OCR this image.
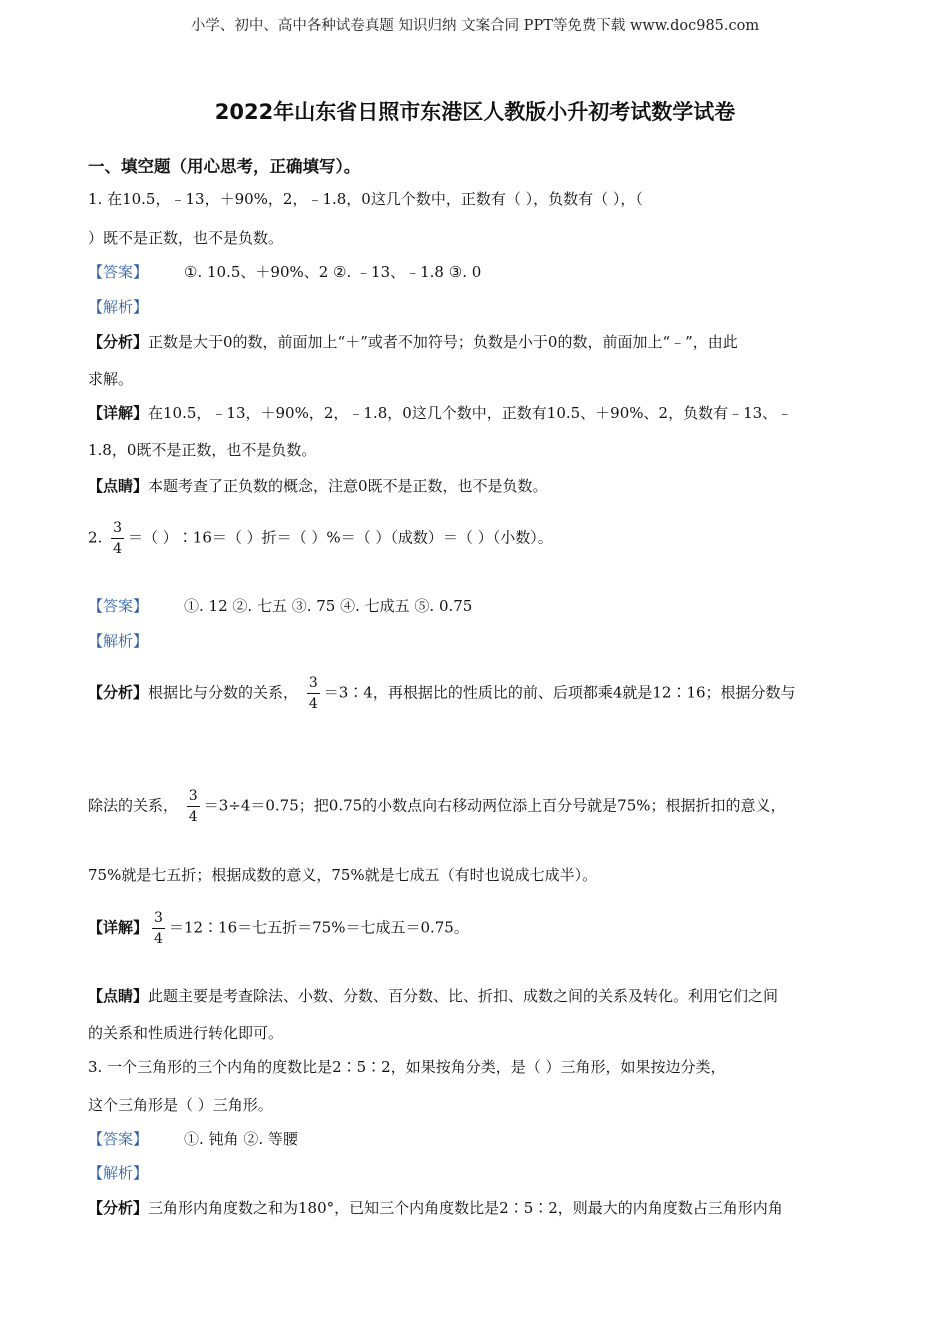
小学、初中、高中各种试卷真题 知识归纳 文案合同 PPT等免费下载 www.doc985.com
2022年山东省日照市东港区人教版小升初考试数学试卷
一、填空题（用心思考，正确填写）。
1. 在10.5，﹣13，＋90%，2，﹣1.8，0这几个数中，正数有（ ），负数有（ ），（
）既不是正数，也不是负数。
【答案】 ①. 10.5、＋90%、2 ②. ﹣13、﹣1.8 ③. 0
【解析】
【分析】正数是大于0的数，前面加上“＋”或者不加符号；负数是小于0的数，前面加上“﹣”，由此
求解。
【详解】在10.5，﹣13，＋90%，2，﹣1.8，0这几个数中，正数有10.5、＋90%、2，负数有﹣13、﹣
1.8，0既不是正数，也不是负数。
【点睛】本题考查了正负数的概念，注意0既不是正数，也不是负数。
2. $\frac{3}{4}$ ＝（ ）∶16＝（ ）折＝（ ）%＝（ ）（成数）＝（ ）（小数）。
【答案】 ①. 12 ②. 七五 ③. 75 ④. 七成五 ⑤. 0.75
【解析】
【分析】根据比与分数的关系， $\frac{3}{4}$ ＝3∶4，再根据比的性质比的前、后项都乘4就是12∶16；根据分数与
除法的关系， $\frac{3}{4} =3\div 4=0.75$；把0.75的小数点向右移动两位添上百分号就是75%；根据折扣的意义，
75%就是七五折；根据成数的意义，75%就是七成五（有时也说成七成半）。
【详解】 $\frac{3}{4}$ ＝12∶16＝七五折＝75%＝七成五＝0.75。
【点睛】此题主要是考查除法、小数、分数、百分数、比、折扣、成数之间的关系及转化。利用它们之间
的关系和性质进行转化即可。
3. 一个三角形的三个内角的度数比是2∶5∶2，如果按角分类，是（ ）三角形，如果按边分类，
这个三角形是（ ）三角形。
【答案】 ①. 钝角 ②. 等腰
【解析】
【分析】三角形内角度数之和为180°，已知三个内角度数比是2∶5∶2，则最大的内角度数占三角形内角
